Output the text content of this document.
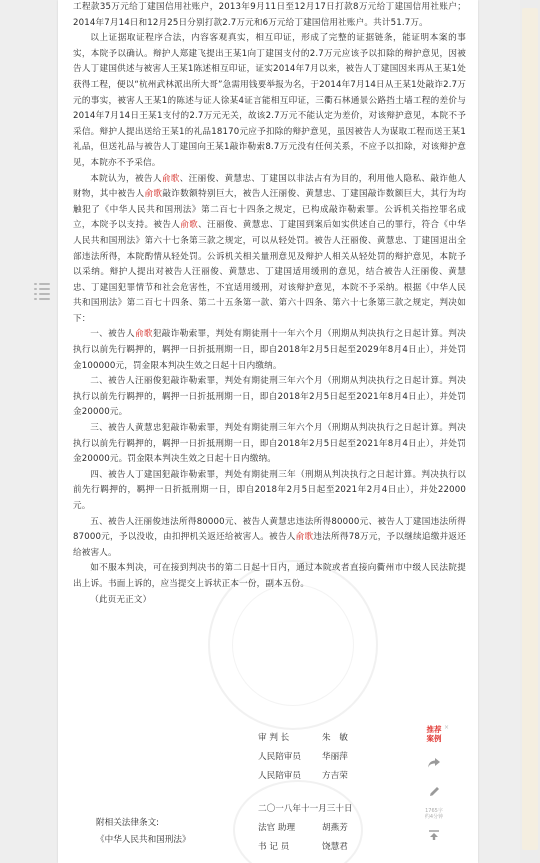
工程款35万元给丁建国信用社账户，2013年9月11日至12月17日打款8万元给丁建国信用社账户；2014年7月14日和12月25日分别打款2.7万元和6万元给丁建国信用社账户。共计51.7万。
以上证据取证程序合法，内容客观真实，相互印证，形成了完整的证据链条，能证明本案的事实，本院予以确认。辩护人郑建飞提出王某1向丁建国支付的2.7万元应该予以扣除的辩护意见，因被告人丁建国供述与被害人王某1陈述相互印证，证实2014年7月以来，被告人丁建国因来再从王某1处获得工程，便以“杭州武林派出所大哥”急需用钱要举报为名，于2014年7月14日从王某1处敲诈2.7万元的事实，被害人王某1的陈述与证人徐某4证言能相互印证，三衢石林通景公路挡土墙工程的差价与2014年7月14日王某1支付的2.7万元无关，故该2.7万元不能认定为差价，对该辩护意见，本院不予采信。辩护人提出送给王某1的礼品18170元应予扣除的辩护意见，虽因被告人为谋取工程而送王某1礼品，但送礼品与被告人丁建国向王某1敲诈勒索8.7万元没有任何关系，不应予以扣除，对该辩护意见，本院亦不予采信。
本院认为，被告人俞歌、汪丽俊、黄慧忠、丁建国以非法占有为目的，利用他人隐私、敲诈他人财物，其中被告人俞歌敲诈数额特别巨大，被告人汪丽俊、黄慧忠、丁建国敲诈数额巨大，其行为均触犯了《中华人民共和国刑法》第二百七十四条之规定，已构成敲诈勒索罪。公诉机关指控罪名成立，本院予以支持。被告人俞歌、汪丽俊、黄慧忠、丁建国到案后如实供述自己的罪行，符合《中华人民共和国刑法》第六十七条第三款之规定，可以从轻处罚。被告人汪丽俊、黄慧忠、丁建国退出全部违法所得，本院酌情从轻处罚。公诉机关相关量刑意见及辩护人相关从轻处罚的辩护意见，本院予以采纳。辩护人提出对被告人汪丽俊、黄慧忠、丁建国适用缓刑的意见，结合被告人汪丽俊、黄慧忠、丁建国犯罪情节和社会危害性，不宜适用缓刑，对该辩护意见，本院不予采纳。根据《中华人民共和国刑法》第二百七十四条、第二十五条第一款、第六十四条、第六十七条第三款之规定，判决如下：
一、被告人俞歌犯敲诈勒索罪，判处有期徒刑十一年六个月（刑期从判决执行之日起计算。判决执行以前先行羁押的，羁押一日折抵刑期一日，即自2018年2月5日起至2029年8月4日止），并处罚金100000元，罚金限本判决生效之日起十日内缴纳。
二、被告人汪丽俊犯敲诈勒索罪，判处有期徒刑三年六个月（刑期从判决执行之日起计算。判决执行以前先行羁押的，羁押一日折抵刑期一日，即自2018年2月5日起至2021年8月4日止），并处罚金20000元。
三、被告人黄慧忠犯敲诈勒索罪，判处有期徒刑三年六个月（刑期从判决执行之日起计算。判决执行以前先行羁押的，羁押一日折抵刑期一日，即自2018年2月5日起至2021年8月4日止），并处罚金20000元。罚金限本判决生效之日起十日内缴纳。
四、被告人丁建国犯敲诈勒索罪，判处有期徒刑三年（刑期从判决执行之日起计算。判决执行以前先行羁押的，羁押一日折抵刑期一日，即自2018年2月5日起至2021年2月4日止），并处22000元。
五、被告人汪丽俊违法所得80000元、被告人黄慧忠违法所得80000元、被告人丁建国违法所得87000元，予以没收，由扣押机关返还给被害人。被告人俞歌违法所得78万元，予以继续追缴并返还给被害人。
如不服本判决，可在接到判决书的第二日起十日内，通过本院或者直接向衢州市中级人民法院提出上诉。书面上诉的，应当提交上诉状正本一份，副本五份。
（此页无正文）
审 判 长	朱　敏
人民陪审员	华丽萍
人民陪审员	方吉荣
二〇一八年十一月三十日
法官 助理	胡燕芳
书 记 员	饶慧君
附相关法律条文:
《中华人民共和国刑法》
推荐
案例
×
1765字
约4分钟
